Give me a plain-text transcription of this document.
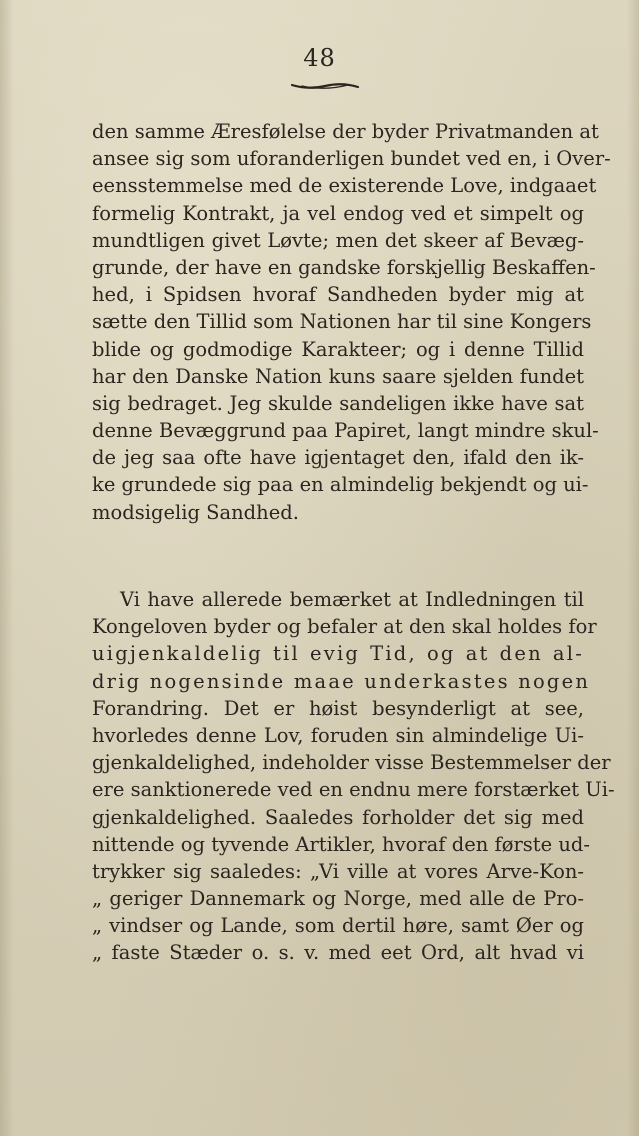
48
den samme Æresfølelse der byder Privatmanden at
ansee sig som uforanderligen bundet ved en, i Over-
eensstemmelse med de existerende Love, indgaaet
formelig Kontrakt, ja vel endog ved et simpelt og
mundtligen givet Løvte; men det skeer af Bevæg-
grunde, der have en gandske forskjellig Beskaffen-
hed, i Spidsen hvoraf Sandheden byder mig at
sætte den Tillid som Nationen har til sine Kongers
blide og godmodige Karakteer; og i denne Tillid
har den Danske Nation kuns saare sjelden fundet
sig bedraget. Jeg skulde sandeligen ikke have sat
denne Bevæggrund paa Papiret, langt mindre skul-
de jeg saa ofte have igjentaget den, ifald den ik-
ke grundede sig paa en almindelig bekjendt og ui-
modsigelig Sandhed.
Vi have allerede bemærket at Indledningen til
Kongeloven byder og befaler at den skal holdes for
uigjenkaldelig til evig Tid, og at den al-
drig nogensinde maae underkastes nogen
Forandring. Det er høist besynderligt at see,
hvorledes denne Lov, foruden sin almindelige Ui-
gjenkaldelighed, indeholder visse Bestemmelser der
ere sanktionerede ved en endnu mere forstærket Ui-
gjenkaldelighed. Saaledes forholder det sig med
nittende og tyvende Artikler, hvoraf den første ud-
trykker sig saaledes: „Vi ville at vores Arve-Kon-
„ geriger Dannemark og Norge, med alle de Pro-
„ vindser og Lande, som dertil høre, samt Øer og
„ faste Stæder o. s. v. med eet Ord, alt hvad vi
